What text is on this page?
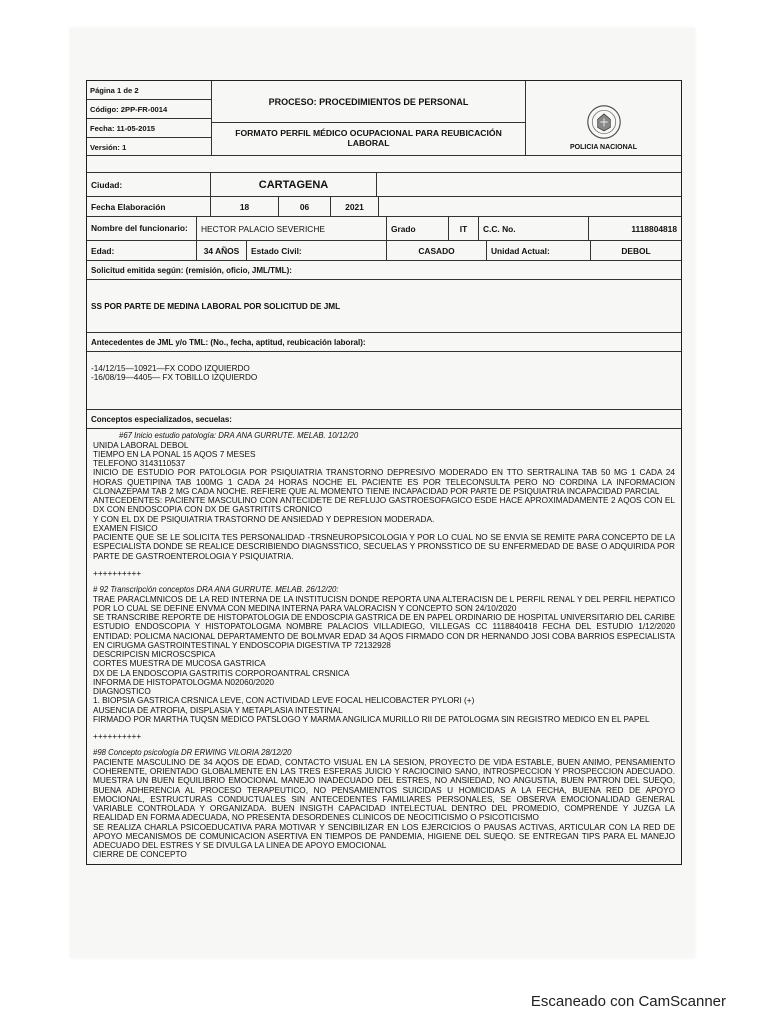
Página 1 de 2
Código: 2PP-FR-0014
Fecha: 11-05-2015
Versión: 1
PROCESO: PROCEDIMIENTOS DE PERSONAL
FORMATO PERFIL MÉDICO OCUPACIONAL PARA REUBICACIÓN LABORAL	POLICIA NACIONAL
Ciudad:	CARTAGENA
Fecha Elaboración	18	06	2021
Nombre del funcionario:	HECTOR PALACIO SEVERICHE	Grado	IT	C.C. No.	1118804818
Edad:	34 AÑOS	Estado Civil:	CASADO	Unidad Actual:	DEBOL
Solicitud emitida según: (remisión, oficio, JML/TML):
SS POR PARTE DE MEDINA LABORAL POR SOLICITUD DE JML
Antecedentes de JML y/o TML: (No., fecha, aptitud, reubicación laboral):
-14/12/15—10921—FX CODO IZQUIERDO
-16/08/19—4405— FX TOBILLO IZQUIERDO
Conceptos especializados, secuelas:

#67 Inicio estudio patología: DRA ANA GURRUTE. MELAB. 10/12/20

UNIDA LABORAL DEBOL

TIEMPO EN LA PONAL 15 AQOS 7 MESES

TELEFONO 3143110537

INICIO DE ESTUDIO POR PATOLOGIA POR PSIQUIATRIA TRANSTORNO DEPRESIVO MODERADO EN TTO SERTRALINA TAB 50 MG 1 CADA 24 HORAS QUETIPINA TAB 100MG 1 CADA 24 HORAS NOCHE EL PACIENTE ES POR TELECONSULTA PERO NO CORDINA LA INFORMACION CLONAZEPAM TAB 2 MG CADA NOCHE. REFIERE QUE AL MOMENTO TIENE INCAPACIDAD POR PARTE DE PSIQUIATRIA INCAPACIDAD PARCIAL

ANTECEDENTES: PACIENTE MASCULINO CON ANTECIDETE DE REFLUJO GASTROESOFAGICO ESDE HACE APROXIMADAMENTE 2 AQOS CON EL DX CON ENDOSCOPIA CON DX DE GASTRITITS CRONICO

Y CON EL DX DE PSIQUIATRIA TRASTORNO DE ANSIEDAD Y DEPRESION MODERADA.

EXAMEN FISICO

PACIENTE QUE SE LE SOLICITA TES PERSONALIDAD -TRSNEUROPSICOLOGIA Y POR LO CUAL NO SE ENVIA SE REMITE PARA CONCEPTO DE LA ESPECIALISTA DONDE SE REALICE DESCRIBIENDO DIAGNSSTICO, SECUELAS Y PRONSSTICO DE SU ENFERMEDAD DE BASE O ADQUIRIDA POR PARTE DE GASTROENTEROLOGIA Y PSIQUIATRIA.

++++++++++

# 92 Transcripción conceptos DRA ANA GURRUTE. MELAB. 26/12/20:

TRAE PARACLMNICOS DE LA RED INTERNA DE LA INSTITUCISN DONDE REPORTA UNA ALTERACISN DE L PERFIL RENAL Y DEL PERFIL HEPATICO POR LO CUAL SE DEFINE ENVMA CON MEDINA INTERNA PARA VALORACISN Y CONCEPTO SON 24/10/2020

SE TRANSCRIBE REPORTE DE HISTOPATOLOGIA DE ENDOSCPIA GASTRICA DE EN PAPEL ORDINARIO DE HOSPITAL UNIVERSITARIO DEL CARIBE ESTUDIO ENDOSCOPIA Y HISTOPATOLOGMA NOMBRE PALACIOS VILLADIEGO, VILLEGAS CC 1118840418 FECHA DEL ESTUDIO 1/12/2020 ENTIDAD: POLICMA NACIONAL DEPARTAMENTO DE BOLMVAR EDAD 34 AQOS FIRMADO CON DR HERNANDO JOSI COBA BARRIOS ESPECIALISTA EN CIRUGMA GASTROINTESTINAL Y ENDOSCOPIA DIGESTIVA TP 72132928

DESCRIPCISN MICROSCSPICA

CORTES MUESTRA DE MUCOSA GASTRICA

DX DE LA ENDOSCOPIA GASTRITIS CORPOROANTRAL CRSNICA

INFORMA DE HISTOPATOLOGMA N02060/2020

DIAGNOSTICO

1. BIOPSIA GASTRICA CRSNICA LEVE, CON ACTIVIDAD LEVE FOCAL HELICOBACTER PYLORI (+)

AUSENCIA DE ATROFIA, DISPLASIA Y METAPLASIA INTESTINAL

FIRMADO POR MARTHA TUQSN MEDICO PATSLOGO Y MARMA ANGILICA MURILLO RII DE PATOLOGMA SIN REGISTRO MEDICO EN EL PAPEL

++++++++++

#98 Concepto psicología DR ERWING VILORIA 28/12/20

PACIENTE MASCULINO DE 34 AQOS DE EDAD, CONTACTO VISUAL EN LA SESION, PROYECTO DE VIDA ESTABLE, BUEN ANIMO, PENSAMIENTO COHERENTE, ORIENTADO GLOBALMENTE EN LAS TRES ESFERAS JUICIO Y RACIOCINIO SANO, INTROSPECCION Y PROSPECCION ADECUADO. MUESTRA UN BUEN EQUILIBRIO EMOCIONAL MANEJO INADECUADO DEL ESTRES, NO ANSIEDAD, NO ANGUSTIA, BUEN PATRON DEL SUEQO, BUENA ADHERENCIA AL PROCESO TERAPEUTICO, NO PENSAMIENTOS SUICIDAS U HOMICIDAS A LA FECHA, BUENA RED DE APOYO EMOCIONAL, ESTRUCTURAS CONDUCTUALES SIN ANTECEDENTES FAMILIARES PERSONALES, SE OBSERVA EMOCIONALIDAD GENERAL VARIABLE CONTROLADA Y ORGANIZADA. BUEN INSIGTH CAPACIDAD INTELECTUAL DENTRO DEL PROMEDIO, COMPRENDE Y JUZGA LA REALIDAD EN FORMA ADECUADA, NO PRESENTA DESORDENES CLINICOS DE NEOCITICISMO O PSICOTICISMO

SE REALIZA CHARLA PSICOEDUCATIVA PARA MOTIVAR Y SENCIBILIZAR EN LOS EJERCICIOS O PAUSAS ACTIVAS, ARTICULAR CON LA RED DE APOYO MECANISMOS DE COMUNICACION ASERTIVA EN TIEMPOS DE PANDEMIA, HIGIENE DEL SUEQO. SE ENTREGAN TIPS PARA EL MANEJO ADECUADO DEL ESTRES Y SE DIVULGA LA LINEA DE APOYO EMOCIONAL

CIERRE DE CONCEPTO

Escaneado con CamScanner
